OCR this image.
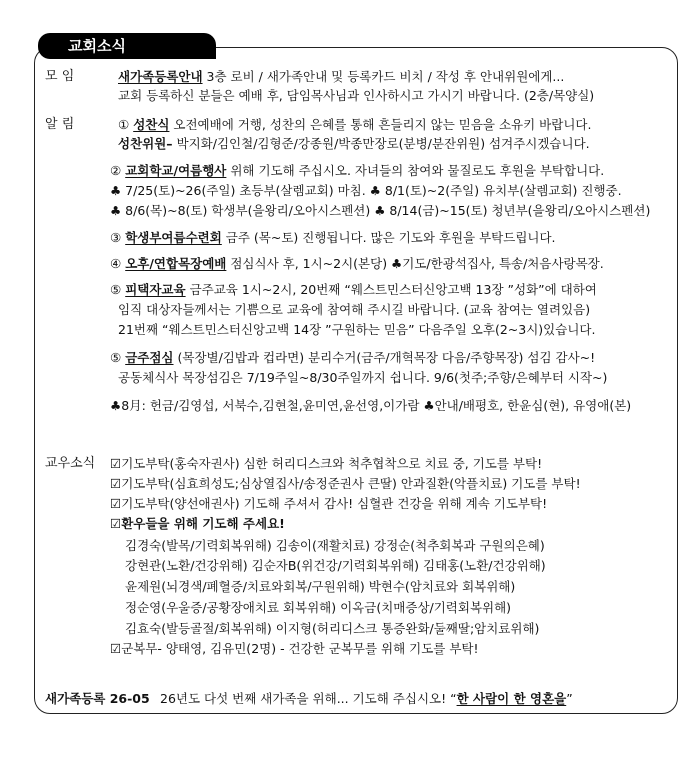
교회소식
모 임	새가족등록안내 3층 로비 / 새가족안내 및 등록카드 비치 / 작성 후 안내위원에게...
교회 등록하신 분들은 예배 후, 담임목사님과 인사하시고 가시기 바랍니다. (2층/목양실)
알 림	① 성찬식 오전예배에 거행, 성찬의 은혜를 통해 흔들리지 않는 믿음을 소유키 바랍니다.
성찬위원– 박지화/김인철/김형준/강종원/박종만장로(분병/분잔위원) 섬겨주시겠습니다.
② 교회학교/여름행사 위해 기도해 주십시오. 자녀들의 참여와 물질로도 후원을 부탁합니다.
♣ 7/25(토)~26(주일) 초등부(살렘교회) 마침. ♣ 8/1(토)~2(주일) 유치부(살렘교회) 진행중.
♣ 8/6(목)~8(토) 학생부(을왕리/오아시스펜션) ♣ 8/14(금)~15(토) 청년부(을왕리/오아시스펜션)
③ 학생부여름수련회 금주 (목~토) 진행됩니다. 많은 기도와 후원을 부탁드립니다.
④ 오후/연합목장예배 점심식사 후, 1시~2시(본당) ♣기도/한광석집사, 특송/처음사랑목장.
⑤ 피택자교육 금주교육 1시~2시, 20번째 “웨스트민스터신앙고백 13장 ”성화”에 대하여
임직 대상자들께서는 기쁨으로 교육에 참여해 주시길 바랍니다. (교육 참여는 열려있음)
21번째 “웨스트민스터신앙고백 14장 ”구원하는 믿음” 다음주일 오후(2~3시)있습니다.
⑤ 금주점심 (목장별/김밥과 컵라면) 분리수거(금주/개혁목장 다음/주향목장) 섬김 감사~!
공동체식사 목장섬김은 7/19주일~8/30주일까지 쉽니다. 9/6(첫주;주향/은혜부터 시작~)
♣8月: 헌금/김영섭, 서북수,김현철,윤미연,윤선영,이가람 ♣안내/배평호, 한윤심(현), 유영애(본)
교우소식 ☑기도부탁(홍숙자권사) 심한 허리디스크와 척추협착으로 치료 중, 기도를 부탁!
☑기도부탁(심효희성도;심상열집사/송정준권사 큰딸) 안과질환(악플치료) 기도를 부탁!
☑기도부탁(양선애권사) 기도해 주셔서 감사! 심혈관 건강을 위해 계속 기도부탁!
☑환우들을 위해 기도해 주세요!
김경숙(발목/기력회복위해) 김송이(재활치료) 강정순(척추회복과 구원의은혜)
강현관(노환/건강위해) 김순자B(위건강/기력회복위해) 김태홍(노환/건강위해)
윤제원(뇌경색/폐혈증/치료와회복/구원위해) 박현수(암치료와 회복위해)
정순영(우울증/공황장애치료 회복위해) 이옥금(치매증상/기력회복위해)
김효숙(발등골절/회복위해) 이지형(허리디스크 통증완화/둘째딸;암치료위해)
☑군복무- 양태영, 김유민(2명) - 건강한 군복무를 위해 기도를 부탁!
새가족등록 26-05 26년도 다섯 번째 새가족을 위해... 기도해 주십시오! “한 사람이 한 영혼을”
